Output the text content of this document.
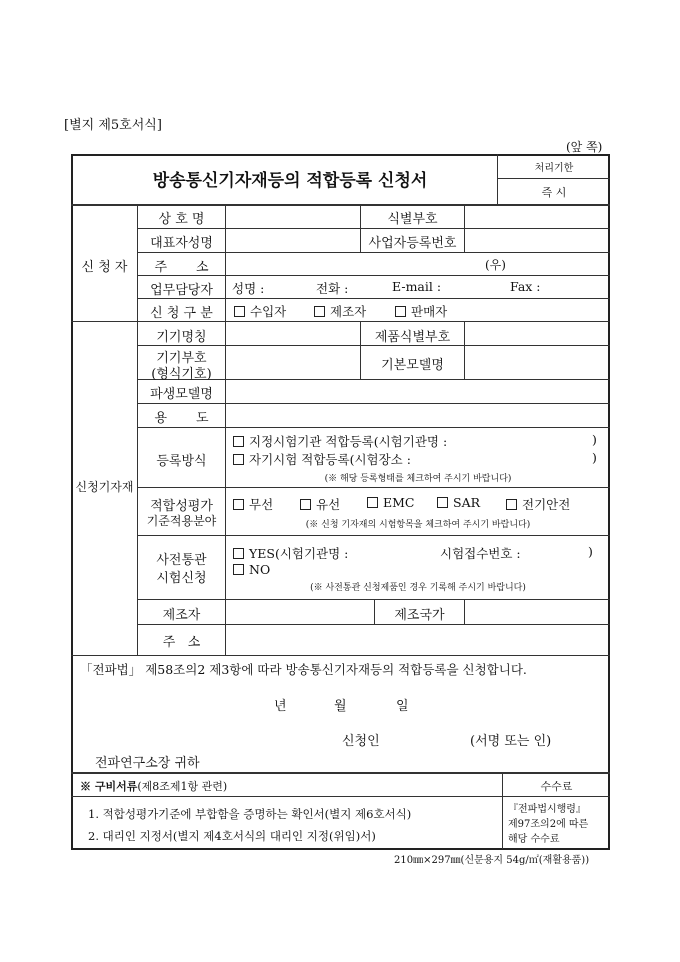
[별지 제5호서식]
(앞 쪽)
방송통신기자재등의 적합등록 신청서
처리기한
즉 시
신 청 자
상 호 명	식별부호
대표자성명	사업자등록번호
주       소	(우)
업무담당자	성명 :	전화 :	E-mail :	Fax :
신 청 구 분	수입자	제조자	판매자
신청기자재
기기명칭	제품식별부호
기기부호
(형식기호)
기본모델명
파생모델명
용       도
등록방식
지정시험기관 적합등록(시험기관명 :	)
자기시험 적합등록(시험장소 :	)
(※ 해당 등록형태를 체크하여 주시기 바랍니다)
적합성평가
기준적용분야
무선	유선	EMC	SAR	전기안전
(※ 신청 기자재의 시험항목을 체크하여 주시기 바랍니다)
사전통관
시험신청
YES(시험기관명 :	시험접수번호 :	)
NO
(※ 사전통관 신청제품인 경우 기록해 주시기 바랍니다)
제조자	제조국가
주   소
「전파법」 제58조의2 제3항에 따라 방송통신기자재등의 적합등록을 신청합니다.
년	월	일
신청인	(서명 또는 인)
전파연구소장 귀하
※ 구비서류(제8조제1항 관련)
1. 적합성평가기준에 부합함을 증명하는 확인서(별지 제6호서식)
2. 대리인 지정서(별지 제4호서식의 대리인 지정(위임)서)
수수료
『전파법시행령』
제97조의2에 따른
해당 수수료
210㎜×297㎜(신문용지 54g/㎡(재활용품))
